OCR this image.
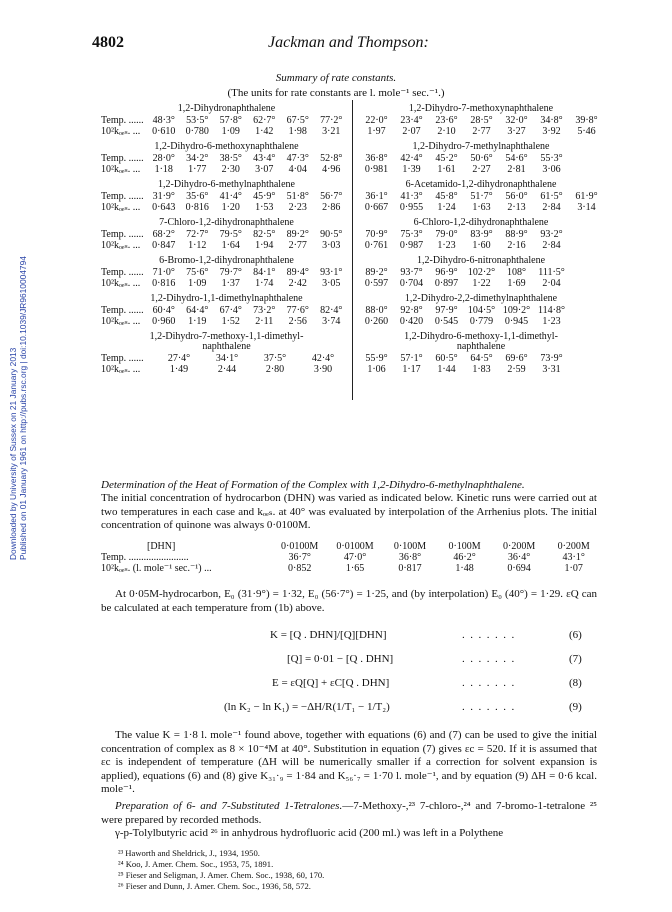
Downloaded by University of Sussex on 21 January 2013 Published on 01 January 1961 on http://pubs.rsc.org | doi:10.1039/JR9610004794
4802	Jackman and Thompson:
Summary of rate constants.
(The units for rate constants are l. mole⁻¹ sec.⁻¹.)
1,2-Dihydronaphthalene
Temp. ...... 48·3°	53·5°	57·8°	62·7°	67·5°	77·2°
10²kₒₑₛ. ...	0·610	0·780	1·09	1·42	1·98	3·21
1,2-Dihydro-6-methoxynaphthalene
Temp. ...... 28·0°	34·2°	38·5°	43·4°	47·3°	52·8°
10²kₒₑₛ. ...	1·18	1·77	2·30	3·07	4·04	4·96
1,2-Dihydro-6-methylnaphthalene
Temp. ...... 31·9°	35·6°	41·4°	45·9°	51·8°	56·7°
10²kₒₑₛ. ...	0·643	0·816	1·20	1·53	2·23	2·86
7-Chloro-1,2-dihydronaphthalene
Temp. ...... 68·2°	72·7°	79·5°	82·5°	89·2°	90·5°
10²kₒₑₛ. ...	0·847	1·12	1·64	1·94	2·77	3·03
6-Bromo-1,2-dihydronaphthalene
Temp. ...... 71·0°	75·6°	79·7°	84·1°	89·4°	93·1°
10²kₒₑₛ. ...	0·816	1·09	1·37	1·74	2·42	3·05
1,2-Dihydro-1,1-dimethylnaphthalene
Temp. ...... 60·4°	64·4°	67·4°	73·2°	77·6°	82·4°
10²kₒₑₛ. ...	0·960	1·19	1·52	2·11	2·56	3·74
1,2-Dihydro-7-methoxy-1,1-dimethyl-
naphthalene
Temp. ......	27·4°	34·1°	37·5°	42·4°
10²kₒₑₛ. ...	1·49	2·44	2·80	3·90
1,2-Dihydro-7-methoxynaphthalene
22·0°	23·4°	23·6°	28·5°	32·0°	34·8°	39·8°
1·97	2·07	2·10	2·77	3·27	3·92	5·46
1,2-Dihydro-7-methylnaphthalene
36·8°	42·4°	45·2°	50·6°	54·6°	55·3°
0·981	1·39	1·61	2·27	2·81	3·06
6-Acetamido-1,2-dihydronaphthalene
36·1°	41·3°	45·8°	51·7°	56·0°	61·5°	61·9°
0·667	0·955	1·24	1·63	2·13	2·84	3·14
6-Chloro-1,2-dihydronaphthalene
70·9°	75·3°	79·0°	83·9°	88·9°	93·2°
0·761	0·987	1·23	1·60	2·16	2·84
1,2-Dihydro-6-nitronaphthalene
89·2°	93·7°	96·9°	102·2°	108°	111·5°
0·597	0·704	0·897	1·22	1·69	2·04
1,2-Dihydro-2,2-dimethylnaphthalene
88·0°	92·8°	97·9°	104·5° 109·2° 114·8°
0·260	0·420	0·545	0·779	0·945	1·23
1,2-Dihydro-6-methoxy-1,1-dimethyl-
naphthalene
55·9°	57·1°	60·5°	64·5°	69·6°	73·9°
1·06	1·17	1·44	1·83	2·59	3·31
Determination of the Heat of Formation of the Complex with 1,2-Dihydro-6-methylnaphthalene.
The initial concentration of hydrocarbon (DHN) was varied as indicated below. Kinetic runs were carried out at two temperatures in each case and kₒₑₛ. at 40° was evaluated by interpolation of the Arrhenius plots. The initial concentration of quinone was always 0·0100M.
[DHN]	0·0100M	0·0100M	0·100M	0·100M	0·200M	0·200M
Temp. ........................	36·7°	47·0°	36·8°	46·2°	36·4°	43·1°
10²kₒₑₛ. (l. mole⁻¹ sec.⁻¹) ...	0·852	1·65	0·817	1·48	0·694	1·07
At 0·05M-hydrocarbon, E₀ (31·9°) = 1·32, E₀ (56·7°) = 1·25, and (by interpolation) E₀ (40°) = 1·29. εQ can be calculated at each temperature from (1b) above.
K = [Q . DHN]/[Q][DHN]	.  .  .  .  .  .  .	(6)
[Q] = 0·01 − [Q . DHN]	.  .  .  .  .  .  .	(7)
E = εQ[Q] + εC[Q . DHN]	.  .  .  .  .  .  .	(8)
(ln K₂ − ln K₁) = −ΔH/R(1/T₁ − 1/T₂)	.  .  .  .  .  .  .	(9)
The value K = 1·8 l. mole⁻¹ found above, together with equations (6) and (7) can be used to give the initial concentration of complex as 8 × 10⁻⁴M at 40°. Substitution in equation (7) gives εc = 520. If it is assumed that εc is independent of temperature (ΔH will be numerically smaller if a correction for solvent expansion is applied), equations (6) and (8) give K₃₁·₉ = 1·84 and K₅₆·₇ = 1·70 l. mole⁻¹, and by equation (9) ΔH = 0·6 kcal. mole⁻¹.
Preparation of 6- and 7-Substituted 1-Tetralones.—7-Methoxy-,²³ 7-chloro-,²⁴ and 7-bromo-1-tetralone ²⁵ were prepared by recorded methods.
γ-p-Tolylbutyric acid ²⁶ in anhydrous hydrofluoric acid (200 ml.) was left in a Polythene
²³ Haworth and Sheldrick, J., 1934, 1950.
²⁴ Koo, J. Amer. Chem. Soc., 1953, 75, 1891.
²⁵ Fieser and Seligman, J. Amer. Chem. Soc., 1938, 60, 170.
²⁶ Fieser and Dunn, J. Amer. Chem. Soc., 1936, 58, 572.
